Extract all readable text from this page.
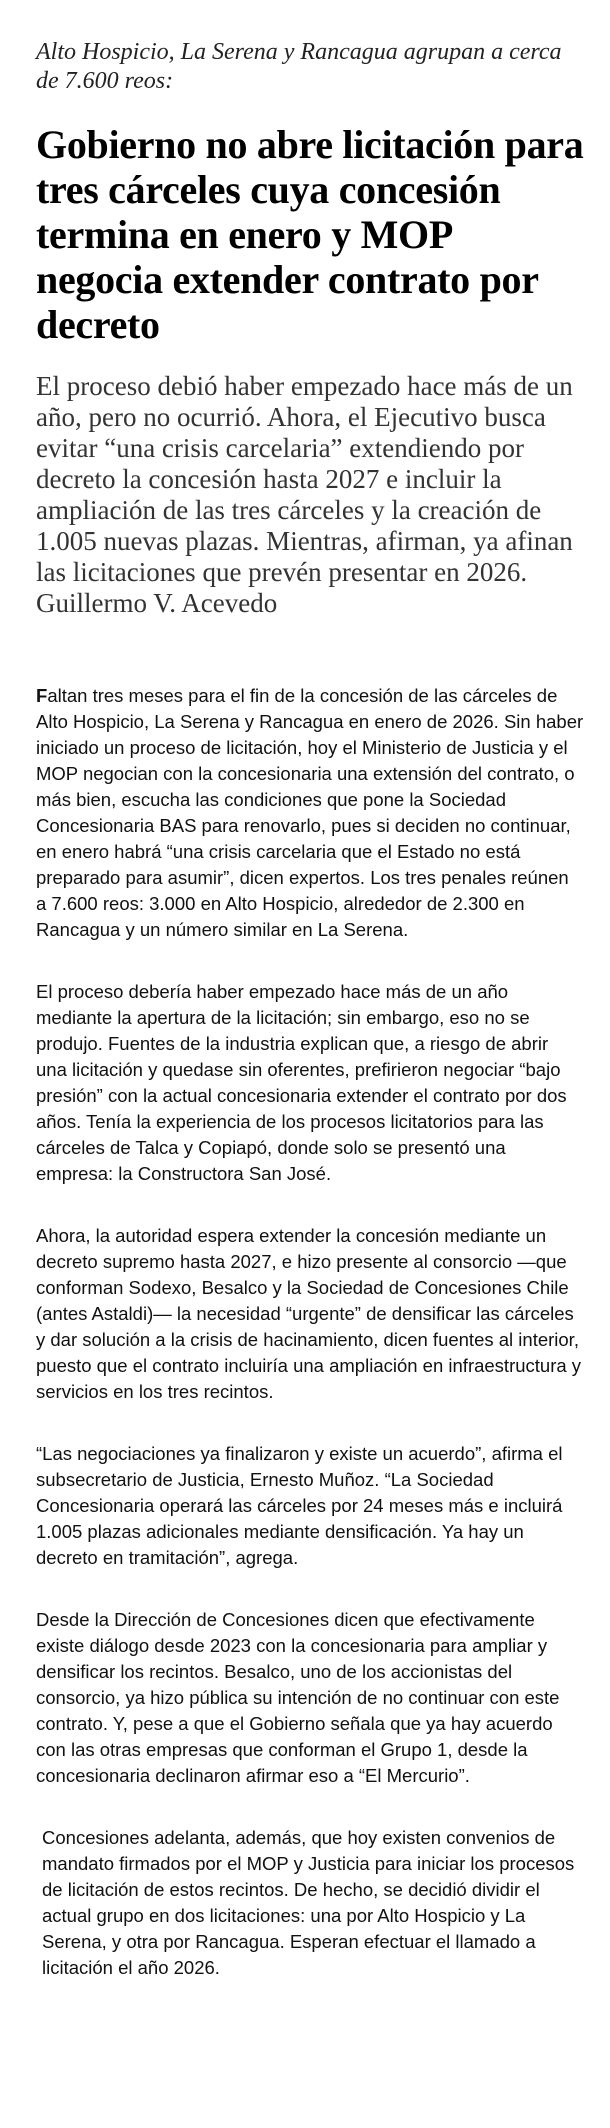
Alto Hospicio, La Serena y Rancagua agrupan a cerca de 7.600 reos:

Gobierno no abre licitación para tres cárceles cuya concesión termina en enero y MOP negocia extender contrato por decreto

El proceso debió haber empezado hace más de un año, pero no ocurrió. Ahora, el Ejecutivo busca evitar “una crisis carcelaria” extendiendo por decreto la concesión hasta 2027 e incluir la ampliación de las tres cárceles y la creación de 1.005 nuevas plazas. Mientras, afirman, ya afinan las licitaciones que prevén presentar en 2026. Guillermo V. Acevedo

Faltan tres meses para el fin de la concesión de las cárceles de Alto Hospicio, La Serena y Rancagua en enero de 2026. Sin haber iniciado un proceso de licitación, hoy el Ministerio de Justicia y el MOP negocian con la concesionaria una extensión del contrato, o más bien, escucha las condiciones que pone la Sociedad Concesionaria BAS para renovarlo, pues si deciden no continuar, en enero habrá “una crisis carcelaria que el Estado no está preparado para asumir”, dicen expertos. Los tres penales reúnen a 7.600 reos: 3.000 en Alto Hospicio, alrededor de 2.300 en Rancagua y un número similar en La Serena.

El proceso debería haber empezado hace más de un año mediante la apertura de la licitación; sin embargo, eso no se produjo. Fuentes de la industria explican que, a riesgo de abrir una licitación y quedase sin oferentes, prefirieron negociar “bajo presión” con la actual concesionaria extender el contrato por dos años. Tenía la experiencia de los procesos licitatorios para las cárceles de Talca y Copiapó, donde solo se presentó una empresa: la Constructora San José.

Ahora, la autoridad espera extender la concesión mediante un decreto supremo hasta 2027, e hizo presente al consorcio —que conforman Sodexo, Besalco y la Sociedad de Concesiones Chile (antes Astaldi)— la necesidad “urgente” de densificar las cárceles y dar solución a la crisis de hacinamiento, dicen fuentes al interior, puesto que el contrato incluiría una ampliación en infraestructura y servicios en los tres recintos.

“Las negociaciones ya finalizaron y existe un acuerdo”, afirma el subsecretario de Justicia, Ernesto Muñoz. “La Sociedad Concesionaria operará las cárceles por 24 meses más e incluirá 1.005 plazas adicionales mediante densificación. Ya hay un decreto en tramitación”, agrega.

Desde la Dirección de Concesiones dicen que efectivamente existe diálogo desde 2023 con la concesionaria para ampliar y densificar los recintos. Besalco, uno de los accionistas del consorcio, ya hizo pública su intención de no continuar con este contrato. Y, pese a que el Gobierno señala que ya hay acuerdo con las otras empresas que conforman el Grupo 1, desde la concesionaria declinaron afirmar eso a “El Mercurio”.

Concesiones adelanta, además, que hoy existen convenios de mandato firmados por el MOP y Justicia para iniciar los procesos de licitación de estos recintos. De hecho, se decidió dividir el actual grupo en dos licitaciones: una por Alto Hospicio y La Serena, y otra por Rancagua. Esperan efectuar el llamado a licitación el año 2026.
